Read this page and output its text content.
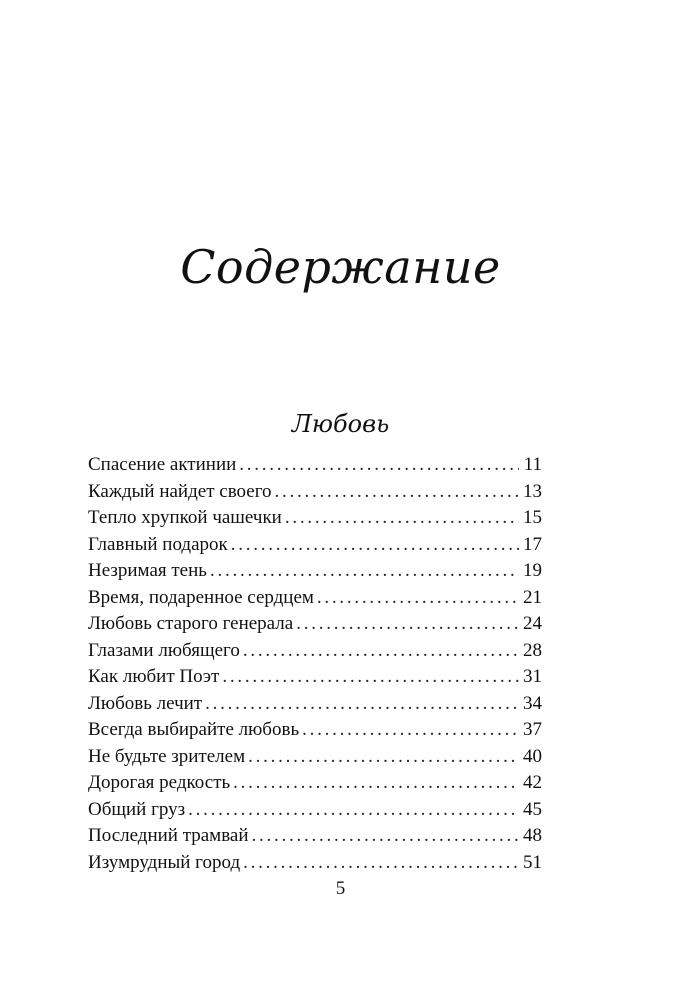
Содержание
Любовь
Спасение актинии . . .	11
Каждый найдет своего . . .	13
Тепло хрупкой чашечки . . .	15
Главный подарок . . .	17
Незримая тень . . .	19
Время, подаренное сердцем . . .	21
Любовь старого генерала . . .	24
Глазами любящего . . .	28
Как любит Поэт . . .	31
Любовь лечит . . .	34
Всегда выбирайте любовь . . .	37
Не будьте зрителем . . .	40
Дорогая редкость . . .	42
Общий груз . . .	45
Последний трамвай . . .	48
Изумрудный город . . .	51
5
